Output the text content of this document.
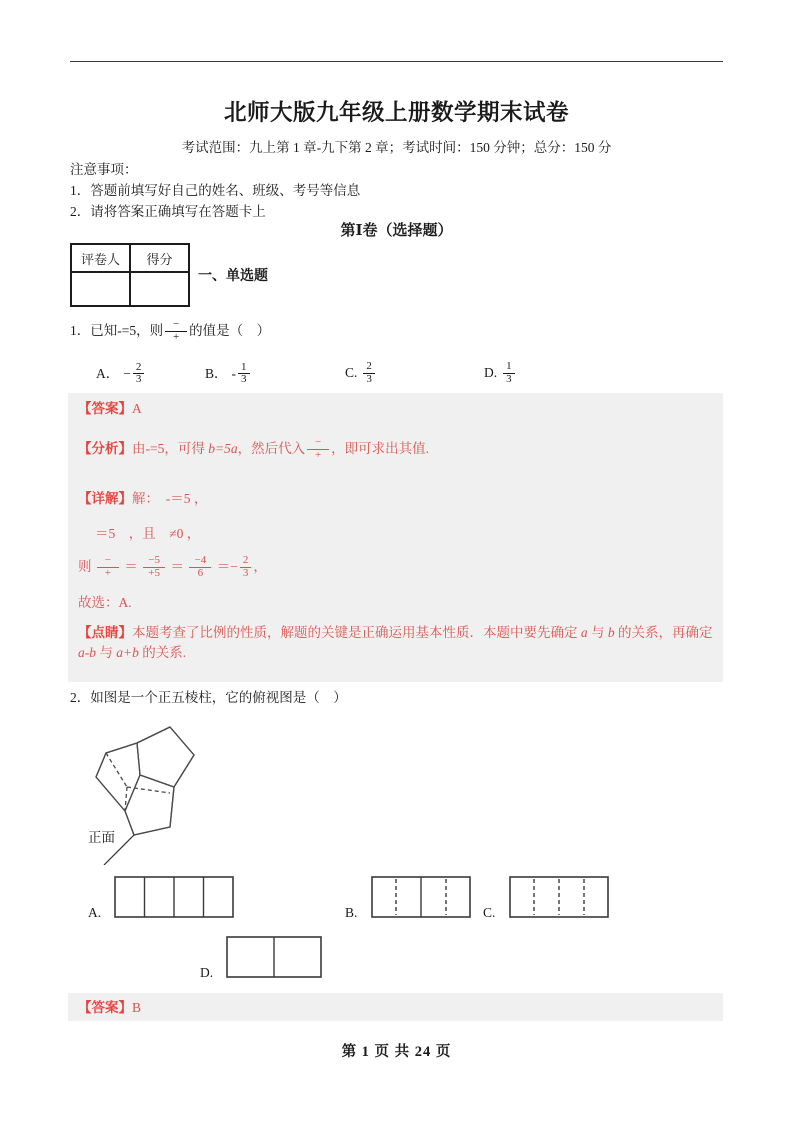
北师大版九年级上册数学期末试卷
考试范围：九上第 1 章-九下第 2 章；考试时间：150 分钟；总分：150 分
注意事项：
1．答题前填写好自己的姓名、班级、考号等信息
2．请将答案正确填写在答题卡上
第Ⅰ卷（选择题）
评卷人	得分

一、单选题
1．已知-=5，则 $\frac{-}{+}$ 的值是（　）
A． − $\frac{2}{3}$	B． - $\frac{1}{3}$	C. $\frac{2}{3}$	D. $\frac{1}{3}$
【答案】A
【分析】由-=5，可得 b=5a，然后代入 $\frac{-}{+}$ ，即可求出其值.
【详解】解：　-＝5 ，
＝5　，且　≠0 ，
则 $\frac{-}{+} = \frac{-5}{+5} = \frac{-4}{6} =- \frac{2}{3}$ ，
故选：A.
【点睛】本题考查了比例的性质，解题的关键是正确运用基本性质．本题中要先确定 a 与 b 的关系，再确定 a-b 与 a+b 的关系.
2．如图是一个正五棱柱，它的俯视图是（　）
正面
A.	B.	C.
D.
【答案】B
第 1 页 共 24 页
